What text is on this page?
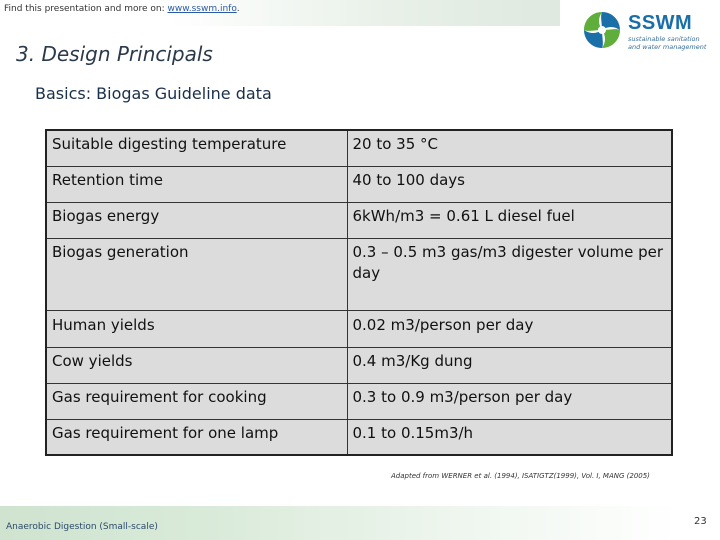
Find this presentation and more on: www.sswm.info.
SSWM
sustainable sanitation
and water management
3. Design Principals
Basics: Biogas Guideline data
Suitable digesting temperature	20 to 35 °C
Retention time	40 to 100 days
Biogas energy	6kWh/m3 = 0.61 L diesel fuel
Biogas generation	0.3 – 0.5 m3 gas/m3 digester volume per day
Human yields	0.02 m3/person per day
Cow yields	0.4 m3/Kg dung
Gas requirement for cooking	0.3 to 0.9 m3/person per day
Gas requirement for one lamp	0.1 to 0.15m3/h
Adapted from WERNER et al. (1994), ISATIGTZ(1999), Vol. I, MANG (2005)
Anaerobic Digestion (Small-scale)	23
